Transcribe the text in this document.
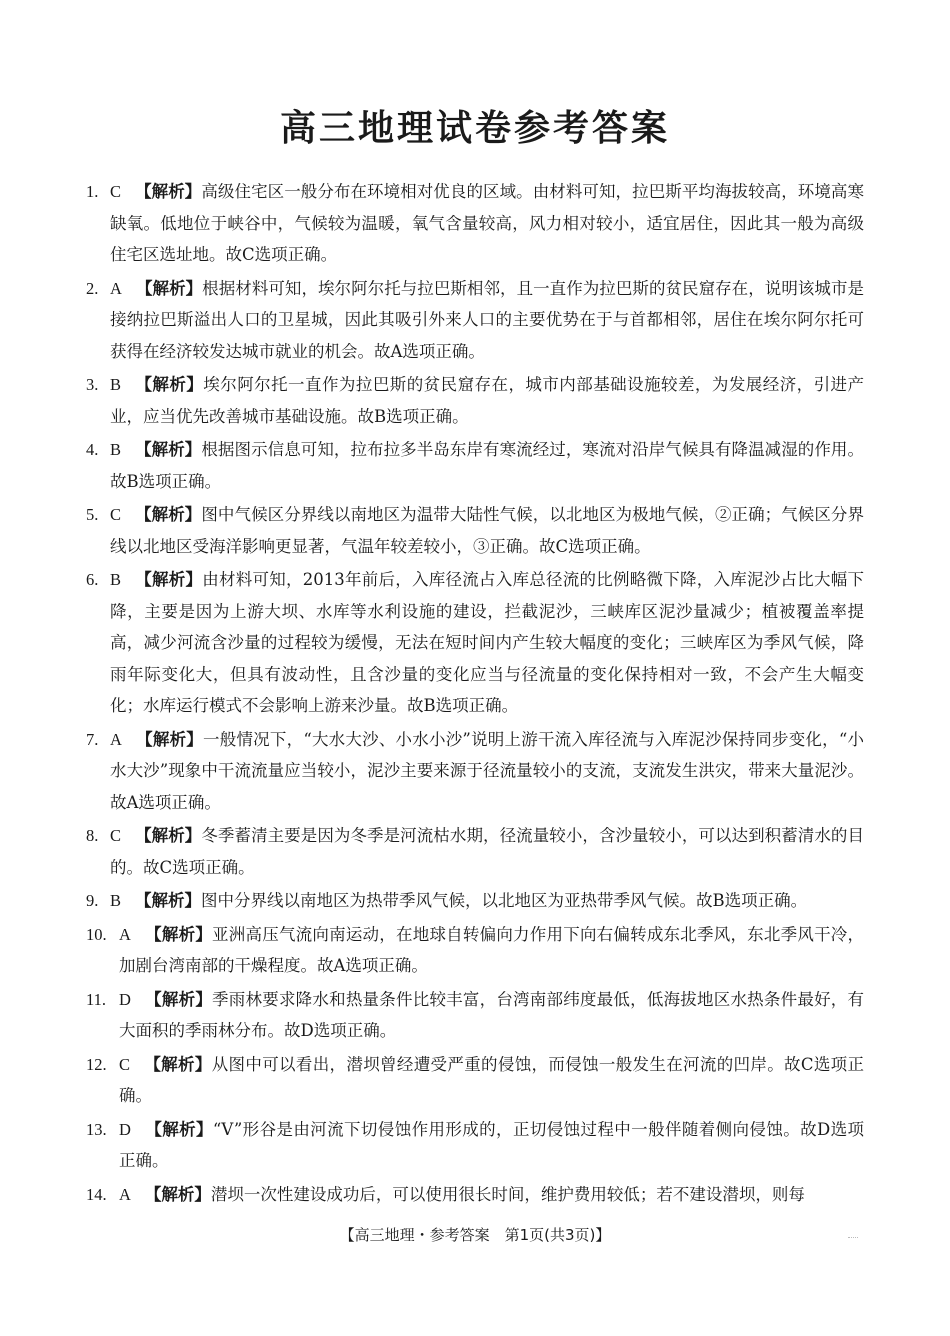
高三地理试卷参考答案
1. C 【解析】高级住宅区一般分布在环境相对优良的区域。由材料可知，拉巴斯平均海拔较高，环境高寒缺氧。低地位于峡谷中，气候较为温暖，氧气含量较高，风力相对较小，适宜居住，因此其一般为高级住宅区选址地。故C选项正确。
2. A 【解析】根据材料可知，埃尔阿尔托与拉巴斯相邻，且一直作为拉巴斯的贫民窟存在，说明该城市是接纳拉巴斯溢出人口的卫星城，因此其吸引外来人口的主要优势在于与首都相邻，居住在埃尔阿尔托可获得在经济较发达城市就业的机会。故A选项正确。
3. B 【解析】埃尔阿尔托一直作为拉巴斯的贫民窟存在，城市内部基础设施较差，为发展经济，引进产业，应当优先改善城市基础设施。故B选项正确。
4. B 【解析】根据图示信息可知，拉布拉多半岛东岸有寒流经过，寒流对沿岸气候具有降温减湿的作用。故B选项正确。
5. C 【解析】图中气候区分界线以南地区为温带大陆性气候，以北地区为极地气候，②正确；气候区分界线以北地区受海洋影响更显著，气温年较差较小，③正确。故C选项正确。
6. B 【解析】由材料可知，2013年前后，入库径流占入库总径流的比例略微下降，入库泥沙占比大幅下降，主要是因为上游大坝、水库等水利设施的建设，拦截泥沙，三峡库区泥沙量减少；植被覆盖率提高，减少河流含沙量的过程较为缓慢，无法在短时间内产生较大幅度的变化；三峡库区为季风气候，降雨年际变化大，但具有波动性，且含沙量的变化应当与径流量的变化保持相对一致，不会产生大幅变化；水库运行模式不会影响上游来沙量。故B选项正确。
7. A 【解析】一般情况下，“大水大沙、小水小沙”说明上游干流入库径流与入库泥沙保持同步变化，“小水大沙”现象中干流流量应当较小，泥沙主要来源于径流量较小的支流，支流发生洪灾，带来大量泥沙。故A选项正确。
8. C 【解析】冬季蓄清主要是因为冬季是河流枯水期，径流量较小，含沙量较小，可以达到积蓄清水的目的。故C选项正确。
9. B 【解析】图中分界线以南地区为热带季风气候，以北地区为亚热带季风气候。故B选项正确。
10. A 【解析】亚洲高压气流向南运动，在地球自转偏向力作用下向右偏转成东北季风，东北季风干冷，加剧台湾南部的干燥程度。故A选项正确。
11. D 【解析】季雨林要求降水和热量条件比较丰富，台湾南部纬度最低，低海拔地区水热条件最好，有大面积的季雨林分布。故D选项正确。
12. C 【解析】从图中可以看出，潜坝曾经遭受严重的侵蚀，而侵蚀一般发生在河流的凹岸。故C选项正确。
13. D 【解析】“V”形谷是由河流下切侵蚀作用形成的，正切侵蚀过程中一般伴随着侧向侵蚀。故D选项正确。
14. A 【解析】潜坝一次性建设成功后，可以使用很长时间，维护费用较低；若不建设潜坝，则每
【高三地理・参考答案　第1页(共3页)】
